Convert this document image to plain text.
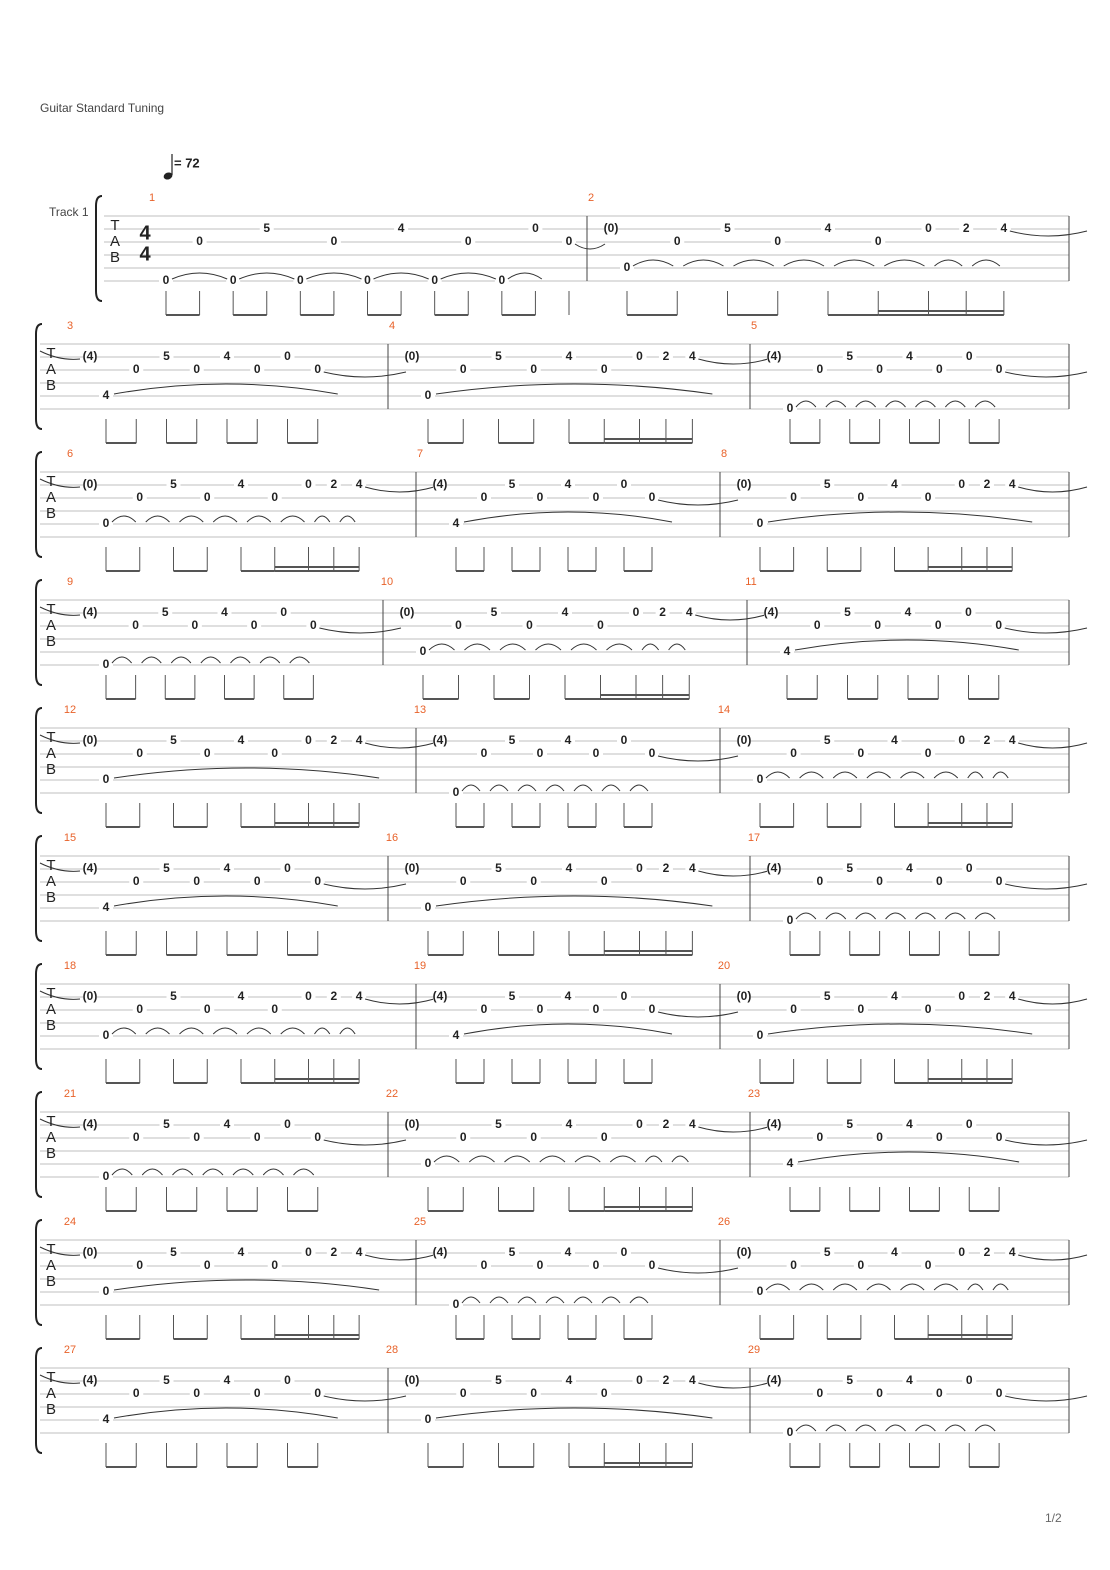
Guitar Standard Tuning
Track 1
1/2
= 72
T
A
B
4
4
1
0
0
0
5
0
0
0
4
0
0
0
0
0
2
(0)
0
0
5
0
4
0
0	2	4
T
A
B
3
(4)
4
0
5
0
4
0
0
0
4
(0)
0
0
5
0
4
0
0 2 4
5
(4)
0
0
5
0
4
0
0
0
T
A
B
6
(0)
0
0
5
0
4
0
0 2 4
7
(4)
4
0
5
0
4
0
0
0
8
(0)
0
0
5
0
4
0
0 2 4
T
A
B
9
(4)
0
0
5
0
4
0
0
0
10
(0)
0
0
5
0
4
0
0 2 4
11
(4)
4
0
5
0
4
0
0
0
T
A
B
12
(0)
0
0
5
0
4
0
0 2 4
13
(4)
0
0
5
0
4
0
0
0
14
(0)
0
0
5
0
4
0
0 2 4
T
A
B
15
(4)
4
0
5
0
4
0
0
0
16
(0)
0
0
5
0
4
0
0 2 4
17
(4)
0
0
5
0
4
0
0
0
T
A
B
18
(0)
0
0
5
0
4
0
0 2 4
19
(4)
4
0
5
0
4
0
0
0
20
(0)
0
0
5
0
4
0
0 2 4
T
A
B
21
(4)
0
0
5
0
4
0
0
0
22
(0)
0
0
5
0
4
0
0 2 4
23
(4)
4
0
5
0
4
0
0
0
T
A
B
24
(0)
0
0
5
0
4
0
0 2 4
25
(4)
0
0
5
0
4
0
0
0
26
(0)
0
0
5
0
4
0
0 2 4
T
A
B
27
(4)
4
0
5
0
4
0
0
0
28
(0)
0
0
5
0
4
0
0 2 4
29
(4)
0
0
5
0
4
0
0
0
